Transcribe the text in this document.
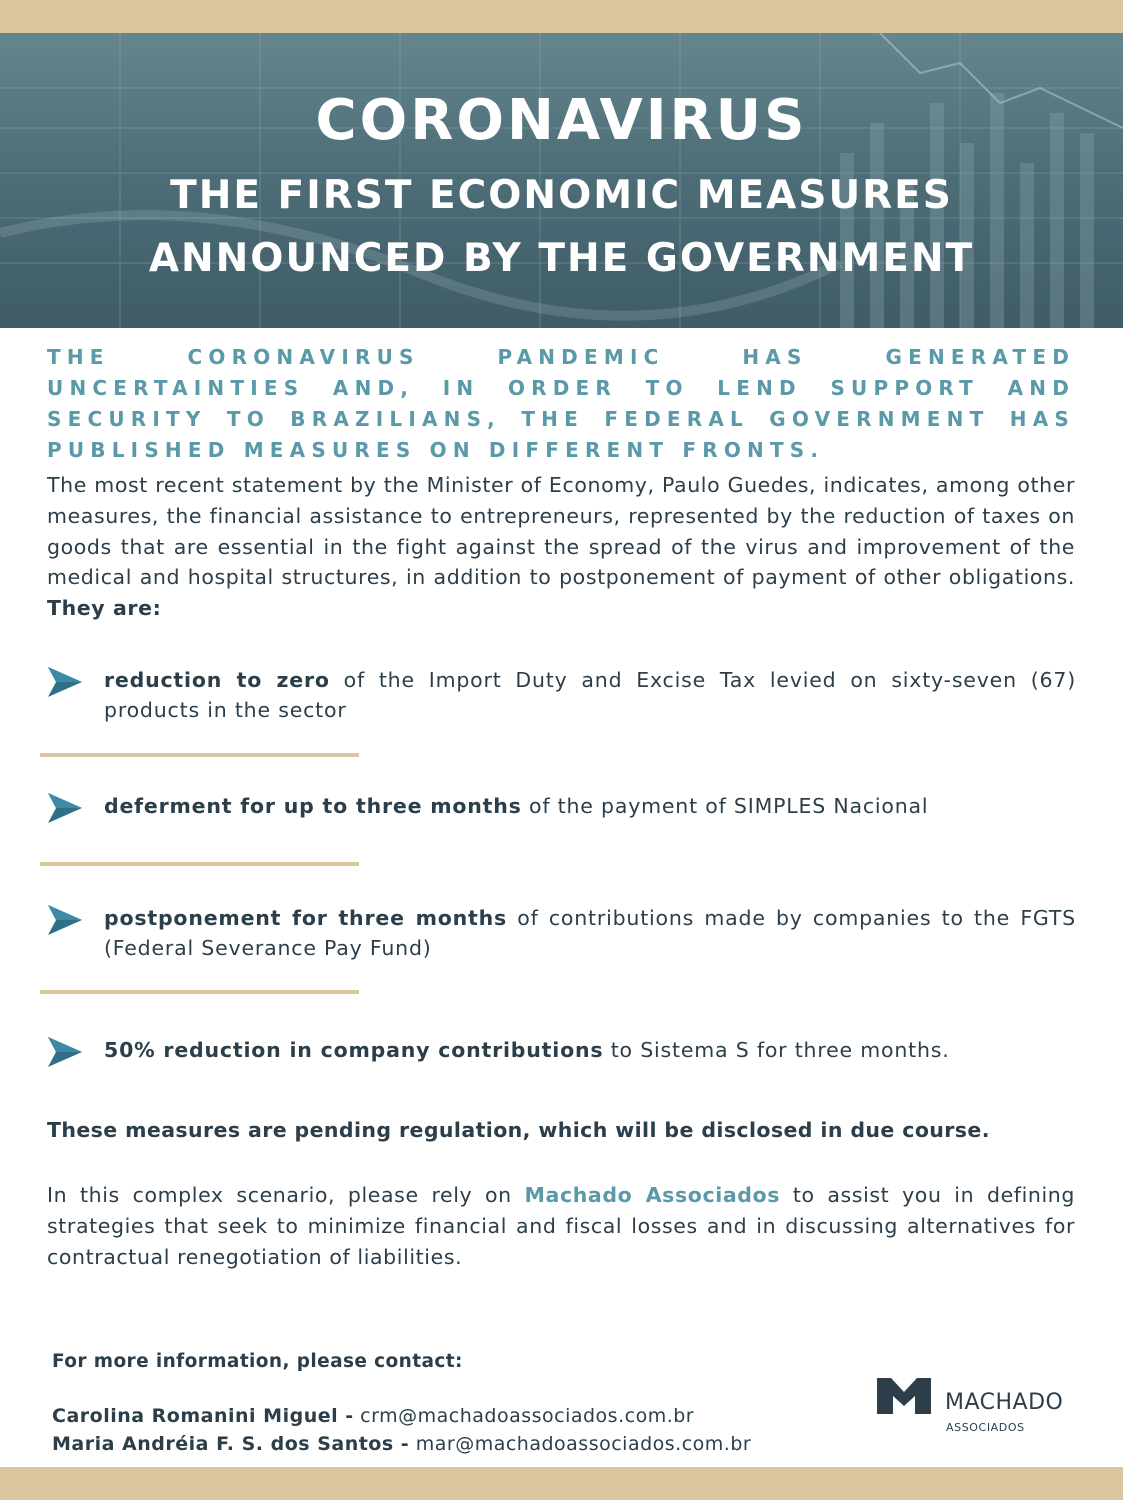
CORONAVIRUS
THE FIRST ECONOMIC MEASURES
ANNOUNCED BY THE GOVERNMENT
THE CORONAVIRUS PANDEMIC HAS GENERATED UNCERTAINTIES AND, IN ORDER TO LEND SUPPORT AND SECURITY TO BRAZILIANS, THE FEDERAL GOVERNMENT HAS PUBLISHED MEASURES ON DIFFERENT FRONTS.
The most recent statement by the Minister of Economy, Paulo Guedes, indicates, among other measures, the financial assistance to entrepreneurs, represented by the reduction of taxes on goods that are essential in the fight against the spread of the virus and improvement of the medical and hospital structures, in addition to postponement of payment of other obligations. They are:
reduction to zero of the Import Duty and Excise Tax levied on sixty-seven (67) products in the sector
deferment for up to three months of the payment of SIMPLES Nacional
postponement for three months of contributions made by companies to the FGTS (Federal Severance Pay Fund)
50% reduction in company contributions to Sistema S for three months.
These measures are pending regulation, which will be disclosed in due course.
In this complex scenario, please rely on Machado Associados to assist you in defining strategies that seek to minimize financial and fiscal losses and in discussing alternatives for contractual renegotiation of liabilities.
For more information, please contact:
Carolina Romanini Miguel - crm@machadoassociados.com.br
Maria Andréia F. S. dos Santos - mar@machadoassociados.com.br
MACHADO
ASSOCIADOS
